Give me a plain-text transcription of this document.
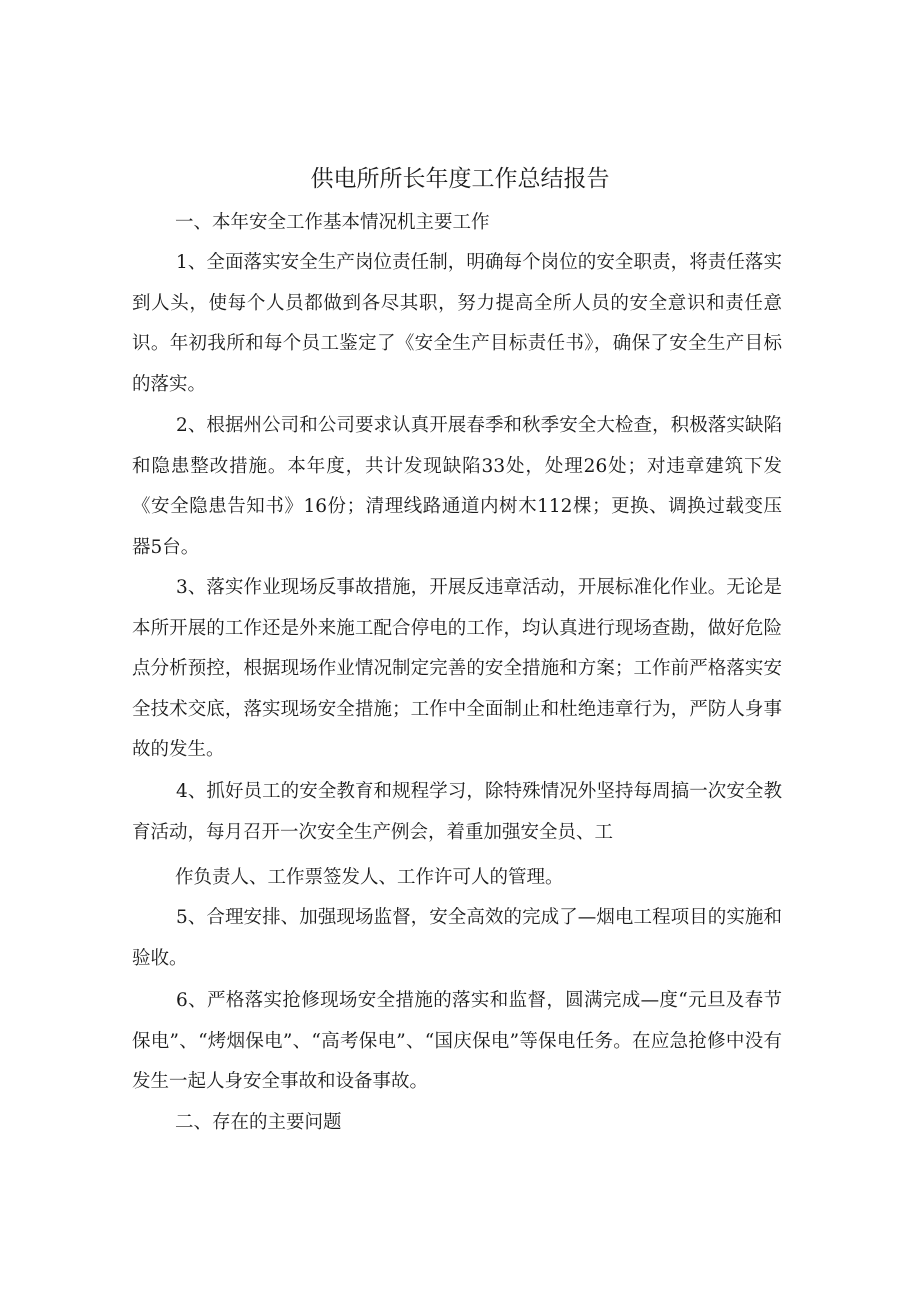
供电所所长年度工作总结报告
一、本年安全工作基本情况机主要工作

1、全面落实安全生产岗位责任制，明确每个岗位的安全职责，将责任落实到人头，使每个人员都做到各尽其职，努力提高全所人员的安全意识和责任意识。年初我所和每个员工鉴定了《安全生产目标责任书》，确保了安全生产目标的落实。

2、根据州公司和公司要求认真开展春季和秋季安全大检查，积极落实缺陷和隐患整改措施。本年度，共计发现缺陷33处，处理26处；对违章建筑下发《安全隐患告知书》16份；清理线路通道内树木112棵；更换、调换过载变压器5台。

3、落实作业现场反事故措施，开展反违章活动，开展标准化作业。无论是本所开展的工作还是外来施工配合停电的工作，均认真进行现场查勘，做好危险点分析预控，根据现场作业情况制定完善的安全措施和方案；工作前严格落实安全技术交底，落实现场安全措施；工作中全面制止和杜绝违章行为，严防人身事故的发生。

4、抓好员工的安全教育和规程学习，除特殊情况外坚持每周搞一次安全教育活动，每月召开一次安全生产例会，着重加强安全员、工

作负责人、工作票签发人、工作许可人的管理。

5、合理安排、加强现场监督，安全高效的完成了—烟电工程项目的实施和验收。

6、严格落实抢修现场安全措施的落实和监督，圆满完成—度“元旦及春节保电”、“烤烟保电”、“高考保电”、“国庆保电”等保电任务。在应急抢修中没有发生一起人身安全事故和设备事故。

二、存在的主要问题
